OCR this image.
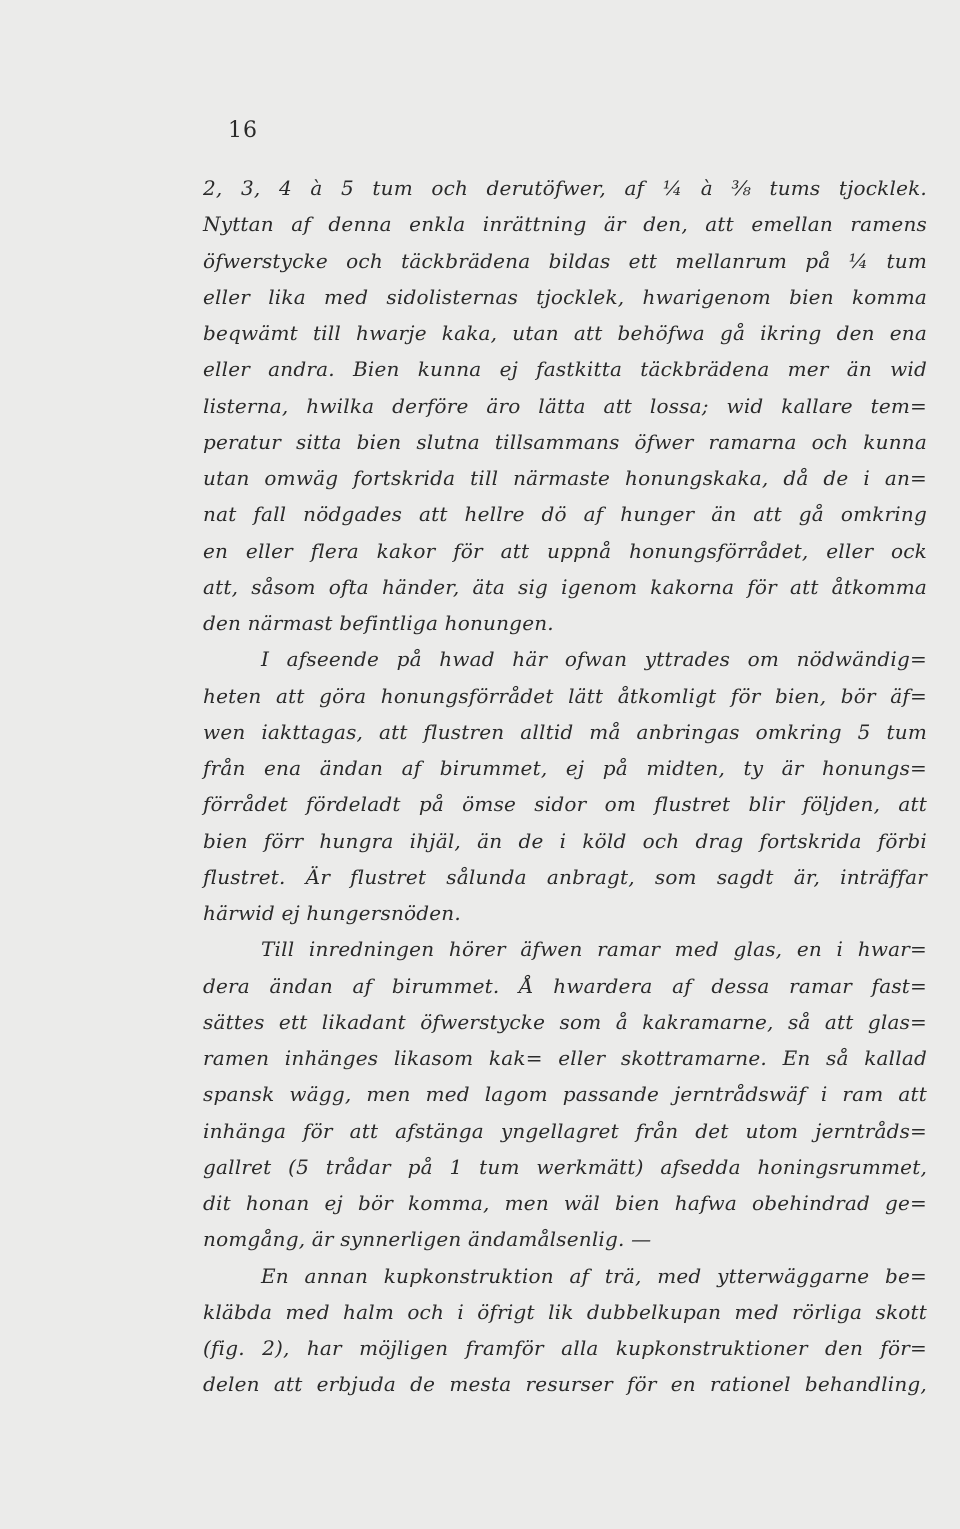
16
2, 3, 4 à 5 tum och derutöfwer, af ¼ à ⅜ tums tjocklek.
Nyttan af denna enkla inrättning är den, att emellan ramens
öfwerstycke och täckbrädena bildas ett mellanrum på ¼ tum
eller lika med sidolisternas tjocklek, hwarigenom bien komma
beqwämt till hwarje kaka, utan att behöfwa gå ikring den ena
eller andra. Bien kunna ej fastkitta täckbrädena mer än wid
listerna, hwilka derföre äro lätta att lossa; wid kallare tem=
peratur sitta bien slutna tillsammans öfwer ramarna och kunna
utan omwäg fortskrida till närmaste honungskaka, då de i an=
nat fall nödgades att hellre dö af hunger än att gå omkring
en eller flera kakor för att uppnå honungsförrådet, eller ock
att, såsom ofta händer, äta sig igenom kakorna för att åtkomma
den närmast befintliga honungen.
I afseende på hwad här ofwan yttrades om nödwändig=
heten att göra honungsförrådet lätt åtkomligt för bien, bör äf=
wen iakttagas, att flustren alltid må anbringas omkring 5 tum
från ena ändan af birummet, ej på midten, ty är honungs=
förrådet fördeladt på ömse sidor om flustret blir följden, att
bien förr hungra ihjäl, än de i köld och drag fortskrida förbi
flustret. Är flustret sålunda anbragt, som sagdt är, inträffar
härwid ej hungersnöden.
Till inredningen hörer äfwen ramar med glas, en i hwar=
dera ändan af birummet. Å hwardera af dessa ramar fast=
sättes ett likadant öfwerstycke som å kakramarne, så att glas=
ramen inhänges likasom kak= eller skottramarne. En så kallad
spansk wägg, men med lagom passande jerntrådswäf i ram att
inhänga för att afstänga yngellagret från det utom jerntråds=
gallret (5 trådar på 1 tum werkmätt) afsedda honingsrummet,
dit honan ej bör komma, men wäl bien hafwa obehindrad ge=
nomgång, är synnerligen ändamålsenlig. —
En annan kupkonstruktion af trä, med ytterwäggarne be=
kläbda med halm och i öfrigt lik dubbelkupan med rörliga skott
(fig. 2), har möjligen framför alla kupkonstruktioner den för=
delen att erbjuda de mesta resurser för en rationel behandling,
